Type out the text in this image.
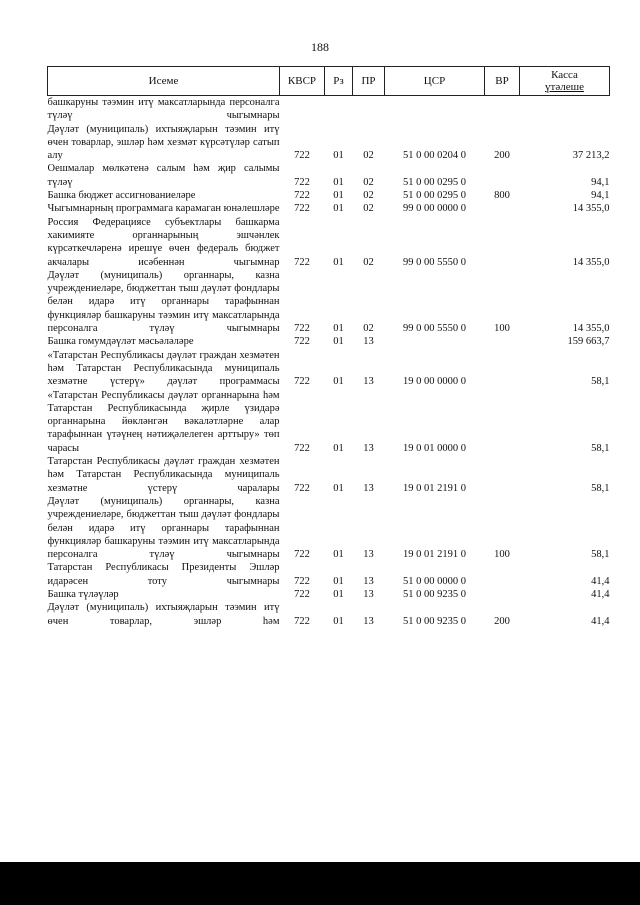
188
Исеме	КВСР	Рз	ПР	ЦСР	ВР	Касса
үтәлеше

башкаруны тәэмин итү максатларында персоналга түләү чыгымнары						
Дәүләт (муниципаль) ихтыяҗларын тәэмин итү өчен товарлар, эшләр һәм хезмәт күрсәтүләр сатып алу	722	01	02	51 0 00 0204 0	200	37 213,2
Оешмалар мөлкәтенә салым һәм җир салымы түләү	722	01	02	51 0 00 0295 0		94,1
Башка бюджет ассигнованиеләре	722	01	02	51 0 00 0295 0	800	94,1
Чыгымнарның программага карамаган юнәлешләре	722	01	02	99 0 00 0000 0		14 355,0
Россия Федерациясе субъектлары башкарма хакимияте органнарының эшчәнлек күрсәткечләренә ирешүе өчен федераль бюджет акчалары исәбеннән чыгымнар	722	01	02	99 0 00 5550 0		14 355,0
Дәүләт (муниципаль) органнары, казна учреждениеләре, бюджеттан тыш дәүләт фондлары белән идарә итү органнары тарафыннан функцияләр башкаруны тәэмин итү максатларында персоналга түләү чыгымнары	722	01	02	99 0 00 5550 0	100	14 355,0
Башка гомумдәүләт мәсьәләләре	722	01	13			159 663,7
«Татарстан Республикасы дәүләт граждан хезмәтен һәм Татарстан Республикасында муниципаль хезмәтне үстерү» дәүләт программасы	722	01	13	19 0 00 0000 0		58,1
«Татарстан Республикасы дәүләт органнарына һәм Татарстан Республикасында җирле үзидарә органнарына йөкләнгән вәкаләтләрне алар тарафыннан үтәүнең нәтиҗәлелеген арттыру» төп чарасы	722	01	13	19 0 01 0000 0		58,1
Татарстан Республикасы дәүләт граждан хезмәтен һәм Татарстан Республикасында муниципаль хезмәтне үстерү чаралары	722	01	13	19 0 01 2191 0		58,1
Дәүләт (муниципаль) органнары, казна учреждениеләре, бюджеттан тыш дәүләт фондлары белән идарә итү органнары тарафыннан функцияләр башкаруны тәэмин итү максатларында персоналга түләү чыгымнары	722	01	13	19 0 01 2191 0	100	58,1
Татарстан Республикасы Президенты Эшләр идарәсен тоту чыгымнары	722	01	13	51 0 00 0000 0		41,4
Башка түләүләр	722	01	13	51 0 00 9235 0		41,4
Дәүләт (муниципаль) ихтыяҗларын тәэмин итү өчен товарлар, эшләр һәм	722	01	13	51 0 00 9235 0	200	41,4
